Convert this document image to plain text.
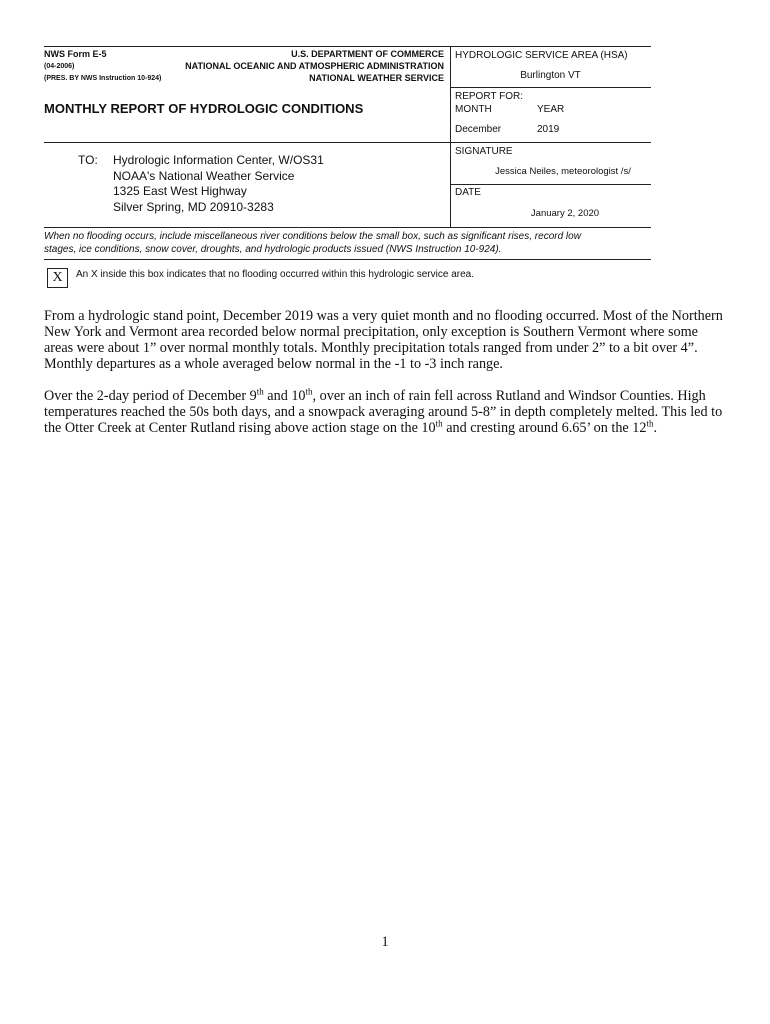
NWS Form E-5
(04-2006)
(PRES. BY NWS Instruction 10-924)
U.S. DEPARTMENT OF COMMERCE
NATIONAL OCEANIC AND ATMOSPHERIC ADMINISTRATION
NATIONAL WEATHER SERVICE
MONTHLY REPORT OF HYDROLOGIC CONDITIONS
HYDROLOGIC SERVICE AREA (HSA)
Burlington VT
REPORT FOR:
MONTH	YEAR
December	2019
TO: Hydrologic Information Center, W/OS31
NOAA's National Weather Service
1325 East West Highway
Silver Spring, MD 20910-3283
SIGNATURE
Jessica Neiles, meteorologist /s/
DATE
January 2, 2020
When no flooding occurs, include miscellaneous river conditions below the small box, such as significant rises, record low
stages, ice conditions, snow cover, droughts, and hydrologic products issued (NWS Instruction 10-924).
X	An X inside this box indicates that no flooding occurred within this hydrologic service area.

From a hydrologic stand point, December 2019 was a very quiet month and no flooding occurred. Most of the Northern New York and Vermont area recorded below normal precipitation, only exception is Southern Vermont where some areas were about 1” over normal monthly totals. Monthly precipitation totals ranged from under 2” to a bit over 4”. Monthly departures as a whole averaged below normal in the -1 to -3 inch range.

Over the 2-day period of December 9th and 10th, over an inch of rain fell across Rutland and Windsor Counties. High temperatures reached the 50s both days, and a snowpack averaging around 5-8” in depth completely melted. This led to the Otter Creek at Center Rutland rising above action stage on the 10th and cresting around 6.65’ on the 12th.

1
